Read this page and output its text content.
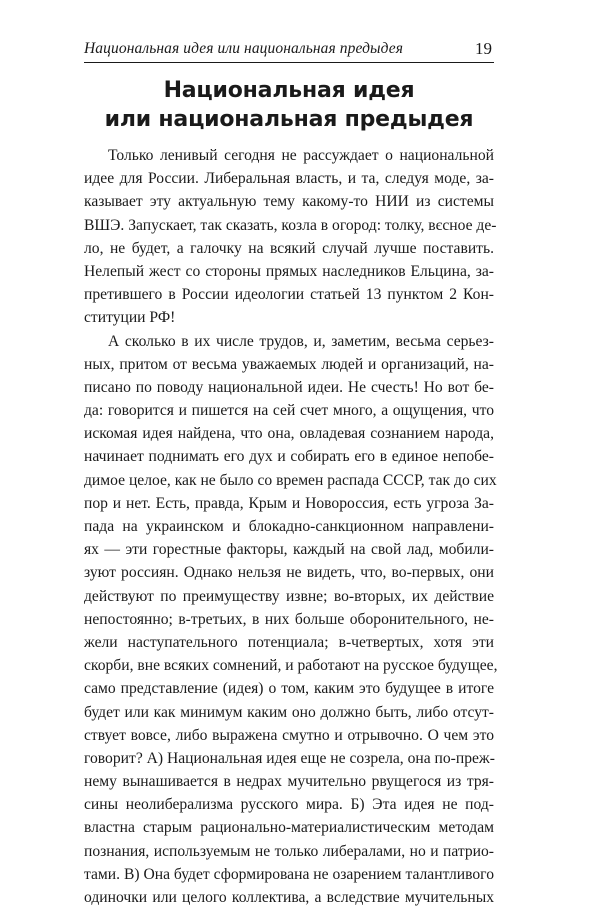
Национальная идея или национальная предыдея	19
Национальная идея
или национальная предыдея
Только ленивый сегодня не рассуждает о национальной
идее для России. Либеральная власть, и та, следуя моде, за-
казывает эту актуальную тему какому-то НИИ из системы
ВШЭ. Запускает, так сказать, козла в огород: толку, вєсное де-
ло, не будет, а галочку на всякий случай лучше поставить.
Нелепый жест со стороны прямых наследников Ельцина, за-
претившего в России идеологии статьей 13 пунктом 2 Кон-
ституции РФ!
А сколько в их числе трудов, и, заметим, весьма серьез-
ных, притом от весьма уважаемых людей и организаций, на-
писано по поводу национальной идеи. Не счесть! Но вот бе-
да: говорится и пишется на сей счет много, а ощущения, что
искомая идея найдена, что она, овладевая сознанием народа,
начинает поднимать его дух и собирать его в единое непобе-
димое целое, как не было со времен распада СССР, так до сих
пор и нет. Есть, правда, Крым и Новороссия, есть угроза За-
пада на украинском и блокадно-санкционном направлени-
ях — эти горестные факторы, каждый на свой лад, мобили-
зуют россиян. Однако нельзя не видеть, что, во-первых, они
действуют по преимуществу извне; во-вторых, их действие
непостоянно; в-третьих, в них больше оборонительного, не-
жели наступательного потенциала; в-четвертых, хотя эти
скорби, вне всяких сомнений, и работают на русское будущее,
само представление (идея) о том, каким это будущее в итоге
будет или как минимум каким оно должно быть, либо отсут-
ствует вовсе, либо выражена смутно и отрывочно. О чем это
говорит? А) Национальная идея еще не созрела, она по-преж-
нему вынашивается в недрах мучительно рвущегося из тря-
сины неолиберализма русского мира. Б) Эта идея не под-
властна старым рационально-материалистическим методам
познания, используемым не только либералами, но и патрио-
тами. В) Она будет сформирована не озарением талантливого
одиночки или целого коллектива, а вследствие мучительных
